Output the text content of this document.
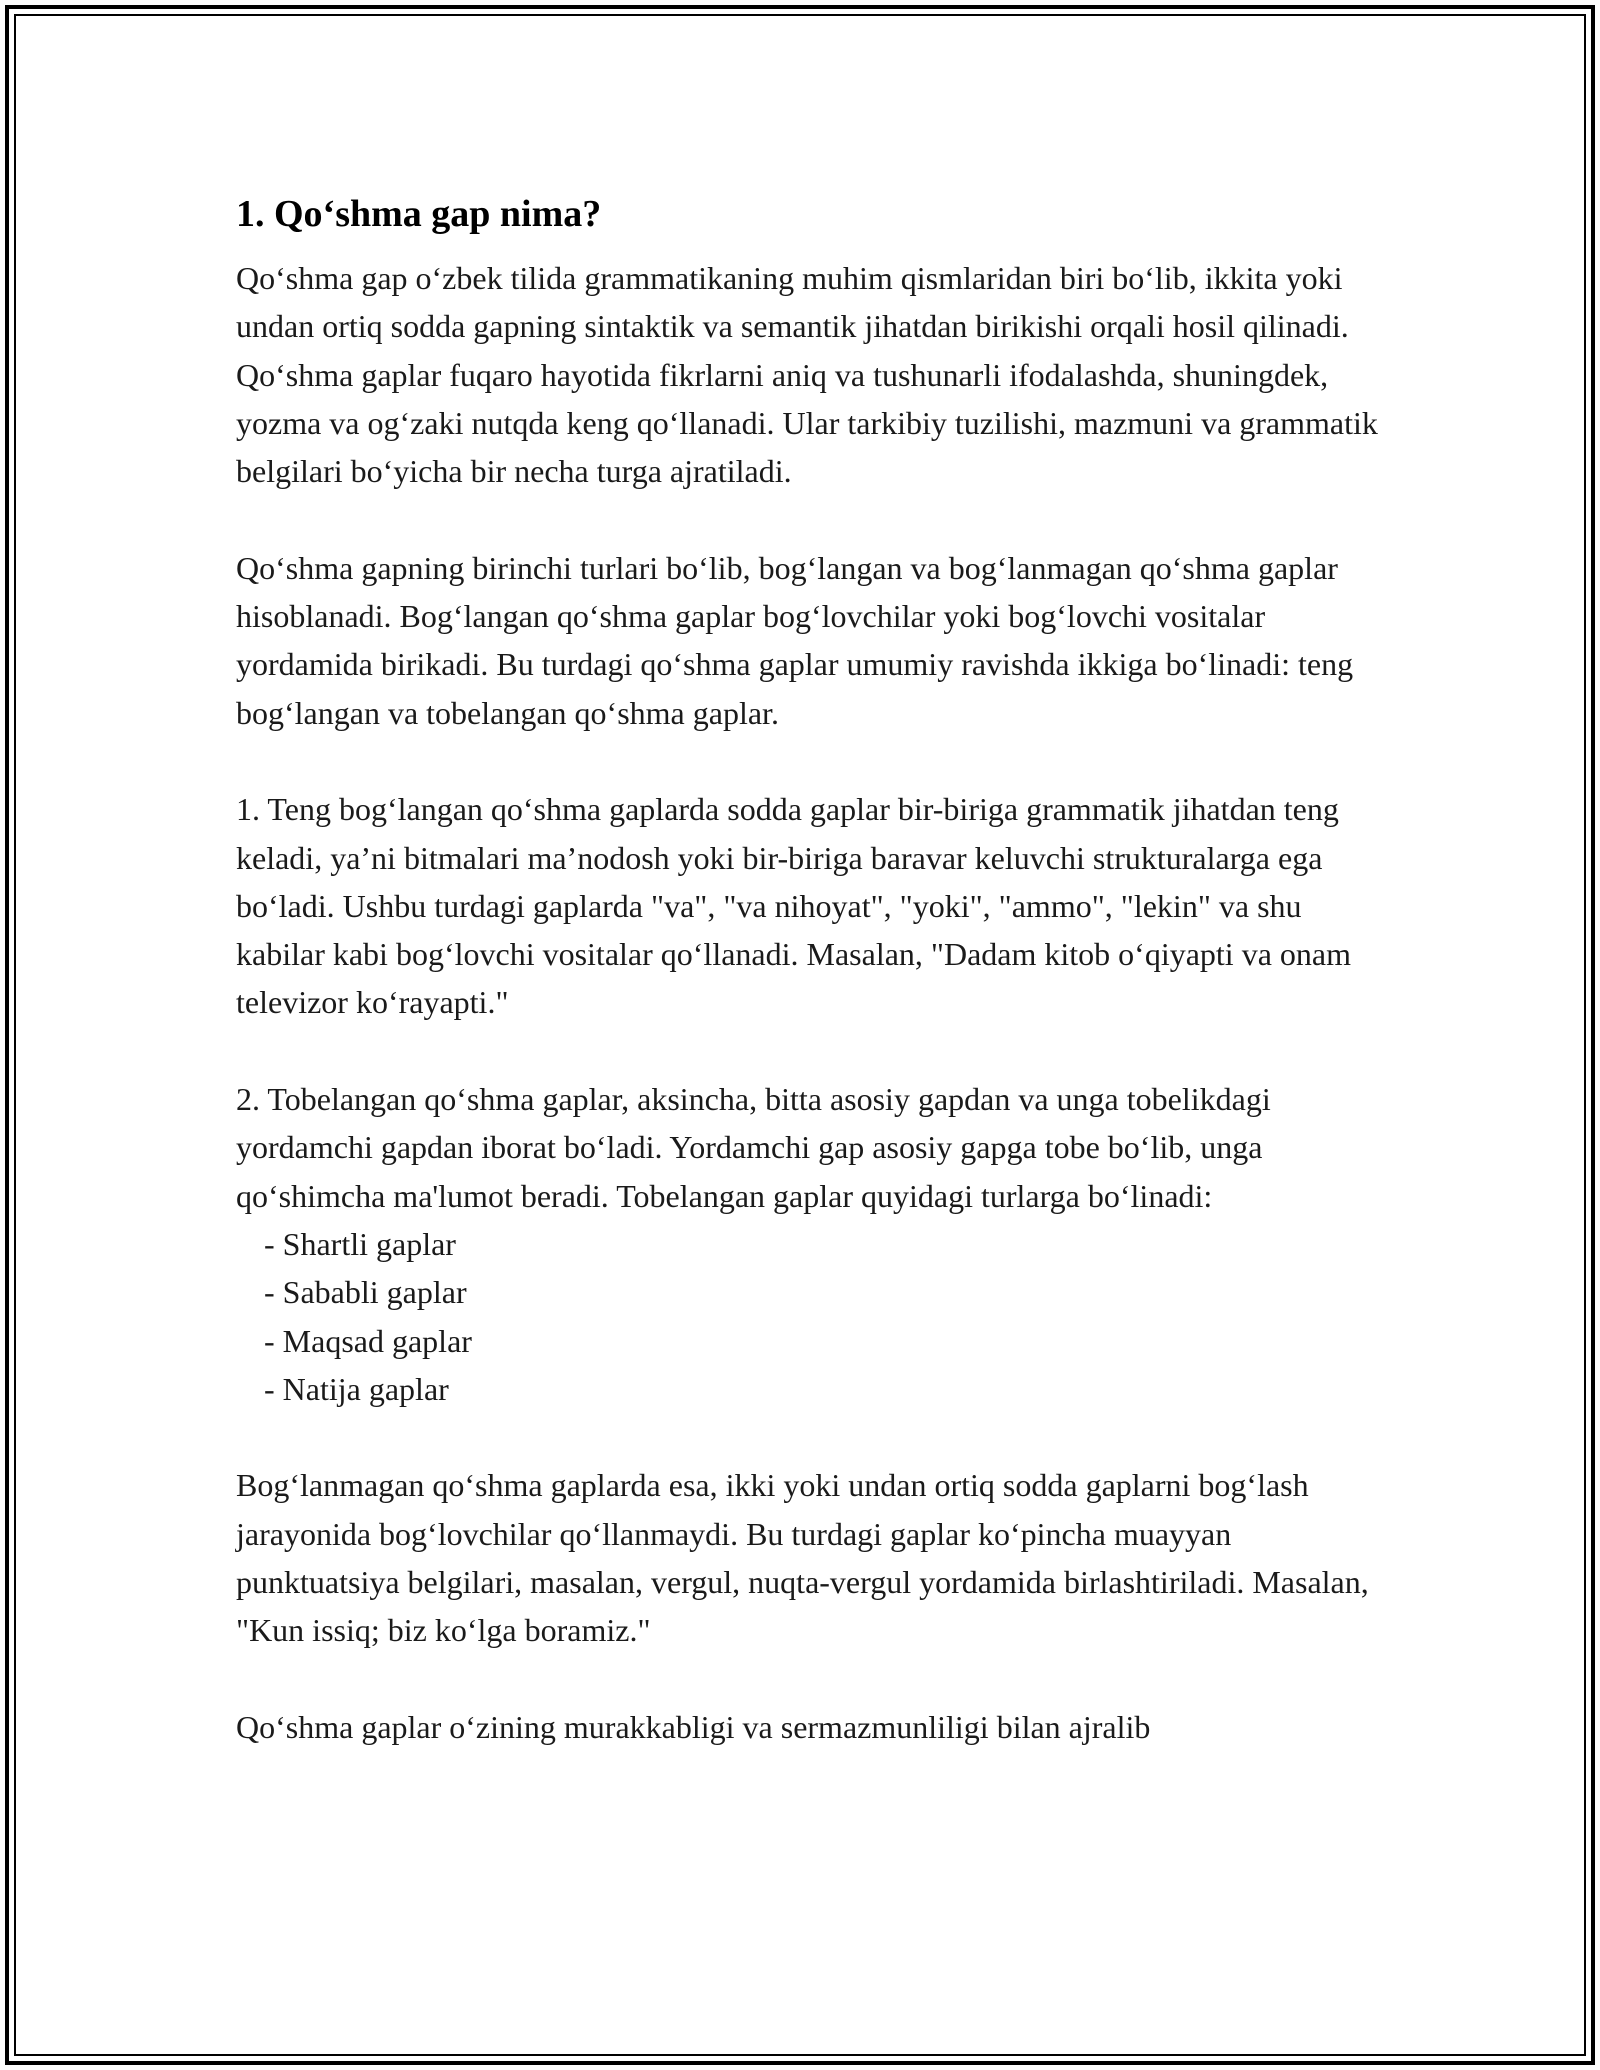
1. Qo‘shma gap nima?

Qo‘shma gap o‘zbek tilida grammatikaning muhim qismlaridan biri bo‘lib, ikkita yoki undan ortiq sodda gapning sintaktik va semantik jihatdan birikishi orqali hosil qilinadi. Qo‘shma gaplar fuqaro hayotida fikrlarni aniq va tushunarli ifodalashda, shuningdek, yozma va og‘zaki nutqda keng qo‘llanadi. Ular tarkibiy tuzilishi, mazmuni va grammatik belgilari bo‘yicha bir necha turga ajratiladi.

Qo‘shma gapning birinchi turlari bo‘lib, bog‘langan va bog‘lanmagan qo‘shma gaplar hisoblanadi. Bog‘langan qo‘shma gaplar bog‘lovchilar yoki bog‘lovchi vositalar yordamida birikadi. Bu turdagi qo‘shma gaplar umumiy ravishda ikkiga bo‘linadi: teng bog‘langan va tobelangan qo‘shma gaplar.

1. Teng bog‘langan qo‘shma gaplarda sodda gaplar bir-biriga grammatik jihatdan teng keladi, ya’ni bitmalari ma’nodosh yoki bir-biriga baravar keluvchi strukturalarga ega bo‘ladi. Ushbu turdagi gaplarda "va", "va nihoyat", "yoki", "ammo", "lekin" va shu kabilar kabi bog‘lovchi vositalar qo‘llanadi. Masalan, "Dadam kitob o‘qiyapti va onam televizor ko‘rayapti."

2. Tobelangan qo‘shma gaplar, aksincha, bitta asosiy gapdan va unga tobelikdagi yordamchi gapdan iborat bo‘ladi. Yordamchi gap asosiy gapga tobe bo‘lib, unga qo‘shimcha ma'lumot beradi. Tobelangan gaplar quyidagi turlarga bo‘linadi:

- Shartli gaplar
- Sababli gaplar
- Maqsad gaplar
- Natija gaplar

Bog‘lanmagan qo‘shma gaplarda esa, ikki yoki undan ortiq sodda gaplarni bog‘lash jarayonida bog‘lovchilar qo‘llanmaydi. Bu turdagi gaplar ko‘pincha muayyan punktuatsiya belgilari, masalan, vergul, nuqta-vergul yordamida birlashtiriladi. Masalan, "Kun issiq; biz ko‘lga boramiz."

Qo‘shma gaplar o‘zining murakkabligi va sermazmunliligi bilan ajralib
